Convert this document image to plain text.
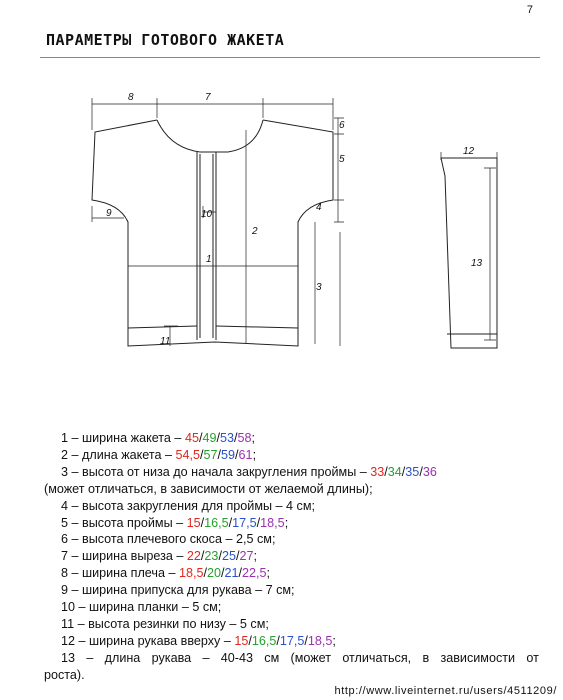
7
ПАРАМЕТРЫ ГОТОВОГО ЖАКЕТА
8	7
6
5
4
9	10
2
1
3
11
12
13
1 – ширина жакета – 45/49/53/58;
2 – длина жакета – 54,5/57/59/61;
3 – высота от низа до начала закругления проймы – 33/34/35/36
(может отличаться, в зависимости от желаемой длины);
4 – высота закругления для проймы – 4 см;
5 – высота проймы – 15/16,5/17,5/18,5;
6 – высота плечевого скоса – 2,5 см;
7 – ширина выреза – 22/23/25/27;
8 – ширина плеча – 18,5/20/21/22,5;
9 – ширина припуска для рукава – 7 см;
10 – ширина планки – 5 см;
11 – высота резинки по низу – 5 см;
12 – ширина рукава вверху – 15/16,5/17,5/18,5;
13 – длина рукава – 40-43 см (может отличаться, в зависимости от
роста).
http://www.liveinternet.ru/users/4511209/
